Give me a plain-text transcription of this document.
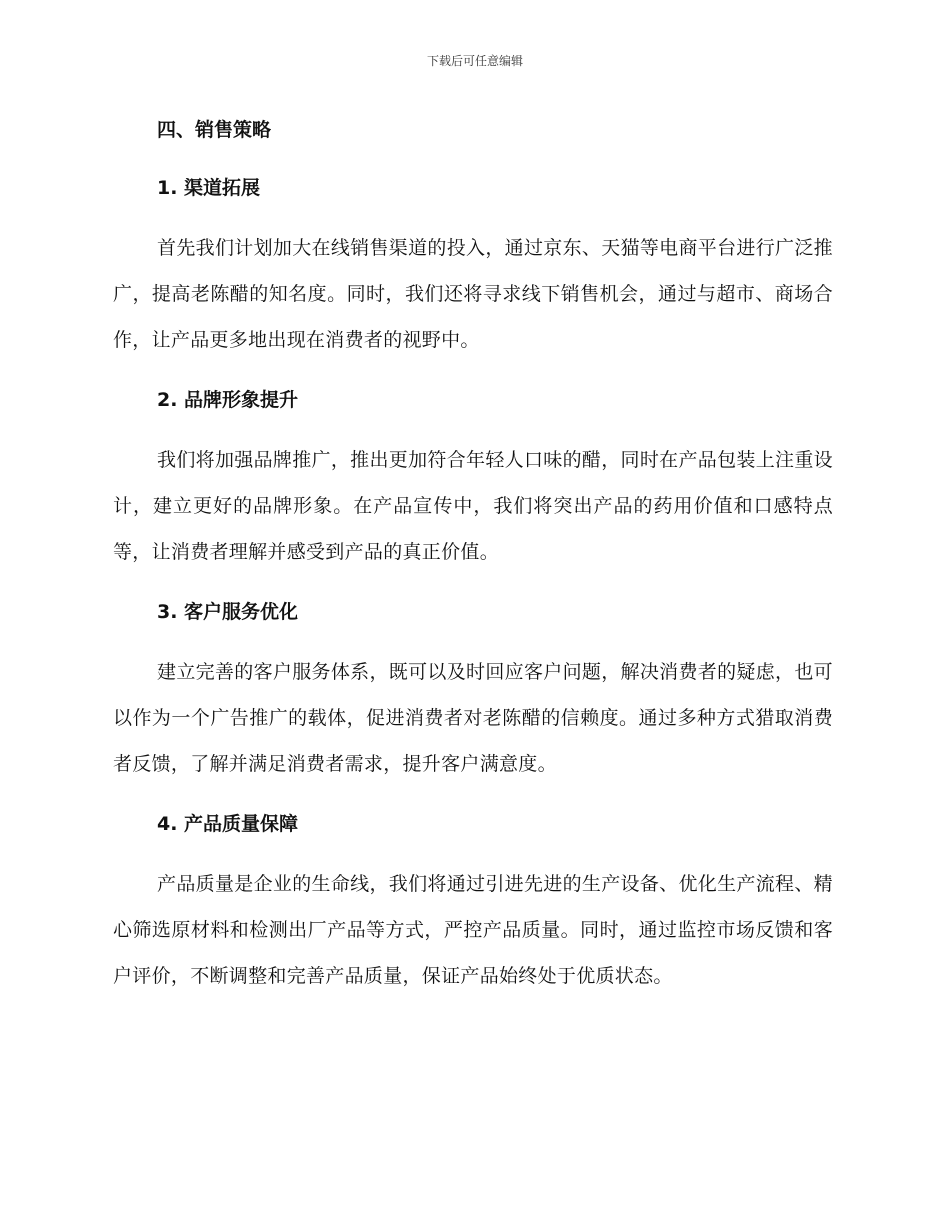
下载后可任意编辑
四、销售策略
1. 渠道拓展
首先我们计划加大在线销售渠道的投入，通过京东、天猫等电商平台进行广泛推广，提高老陈醋的知名度。同时，我们还将寻求线下销售机会，通过与超市、商场合作，让产品更多地出现在消费者的视野中。
2. 品牌形象提升
我们将加强品牌推广，推出更加符合年轻人口味的醋，同时在产品包装上注重设计，建立更好的品牌形象。在产品宣传中，我们将突出产品的药用价值和口感特点等，让消费者理解并感受到产品的真正价值。
3. 客户服务优化
建立完善的客户服务体系，既可以及时回应客户问题，解决消费者的疑虑，也可以作为一个广告推广的载体，促进消费者对老陈醋的信赖度。通过多种方式猎取消费者反馈，了解并满足消费者需求，提升客户满意度。
4. 产品质量保障
产品质量是企业的生命线，我们将通过引进先进的生产设备、优化生产流程、精心筛选原材料和检测出厂产品等方式，严控产品质量。同时，通过监控市场反馈和客户评价，不断调整和完善产品质量，保证产品始终处于优质状态。
